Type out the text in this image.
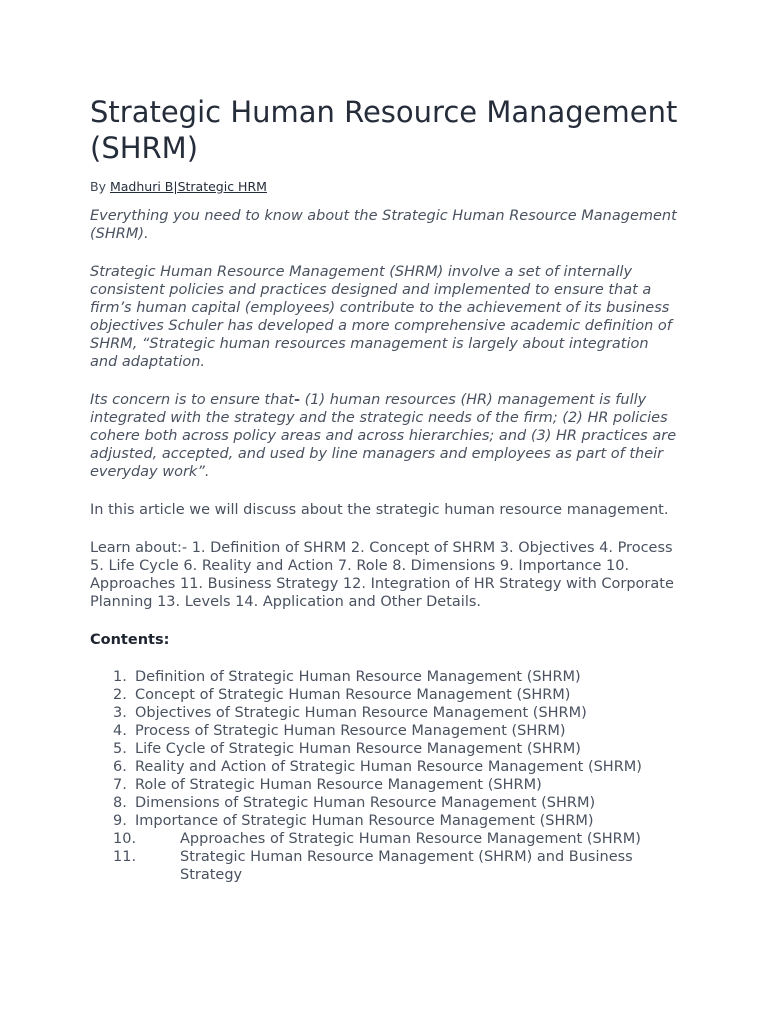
Strategic Human Resource Management (SHRM)

By Madhuri B|Strategic HRM

Everything you need to know about the Strategic Human Resource Management (SHRM).

Strategic Human Resource Management (SHRM) involve a set of internally consistent policies and practices designed and implemented to ensure that a firm’s human capital (employees) contribute to the achievement of its business objectives Schuler has developed a more comprehensive academic definition of SHRM, “Strategic human resources management is largely about integration and adaptation.

Its concern is to ensure that- (1) human resources (HR) management is fully integrated with the strategy and the strategic needs of the firm; (2) HR policies cohere both across policy areas and across hierarchies; and (3) HR practices are adjusted, accepted, and used by line managers and employees as part of their everyday work”.

In this article we will discuss about the strategic human resource management.

Learn about:- 1. Definition of SHRM 2. Concept of SHRM 3. Objectives 4. Process 5. Life Cycle 6. Reality and Action 7. Role 8. Dimensions 9. Importance 10. Approaches 11. Business Strategy 12. Integration of HR Strategy with Corporate Planning 13. Levels 14. Application and Other Details.

Contents:

1. Definition of Strategic Human Resource Management (SHRM)
2. Concept of Strategic Human Resource Management (SHRM)
3. Objectives of Strategic Human Resource Management (SHRM)
4. Process of Strategic Human Resource Management (SHRM)
5. Life Cycle of Strategic Human Resource Management (SHRM)
6. Reality and Action of Strategic Human Resource Management (SHRM)
7. Role of Strategic Human Resource Management (SHRM)
8. Dimensions of Strategic Human Resource Management (SHRM)
9. Importance of Strategic Human Resource Management (SHRM)
10.	Approaches of Strategic Human Resource Management (SHRM)
11.	Strategic Human Resource Management (SHRM) and Business Strategy
